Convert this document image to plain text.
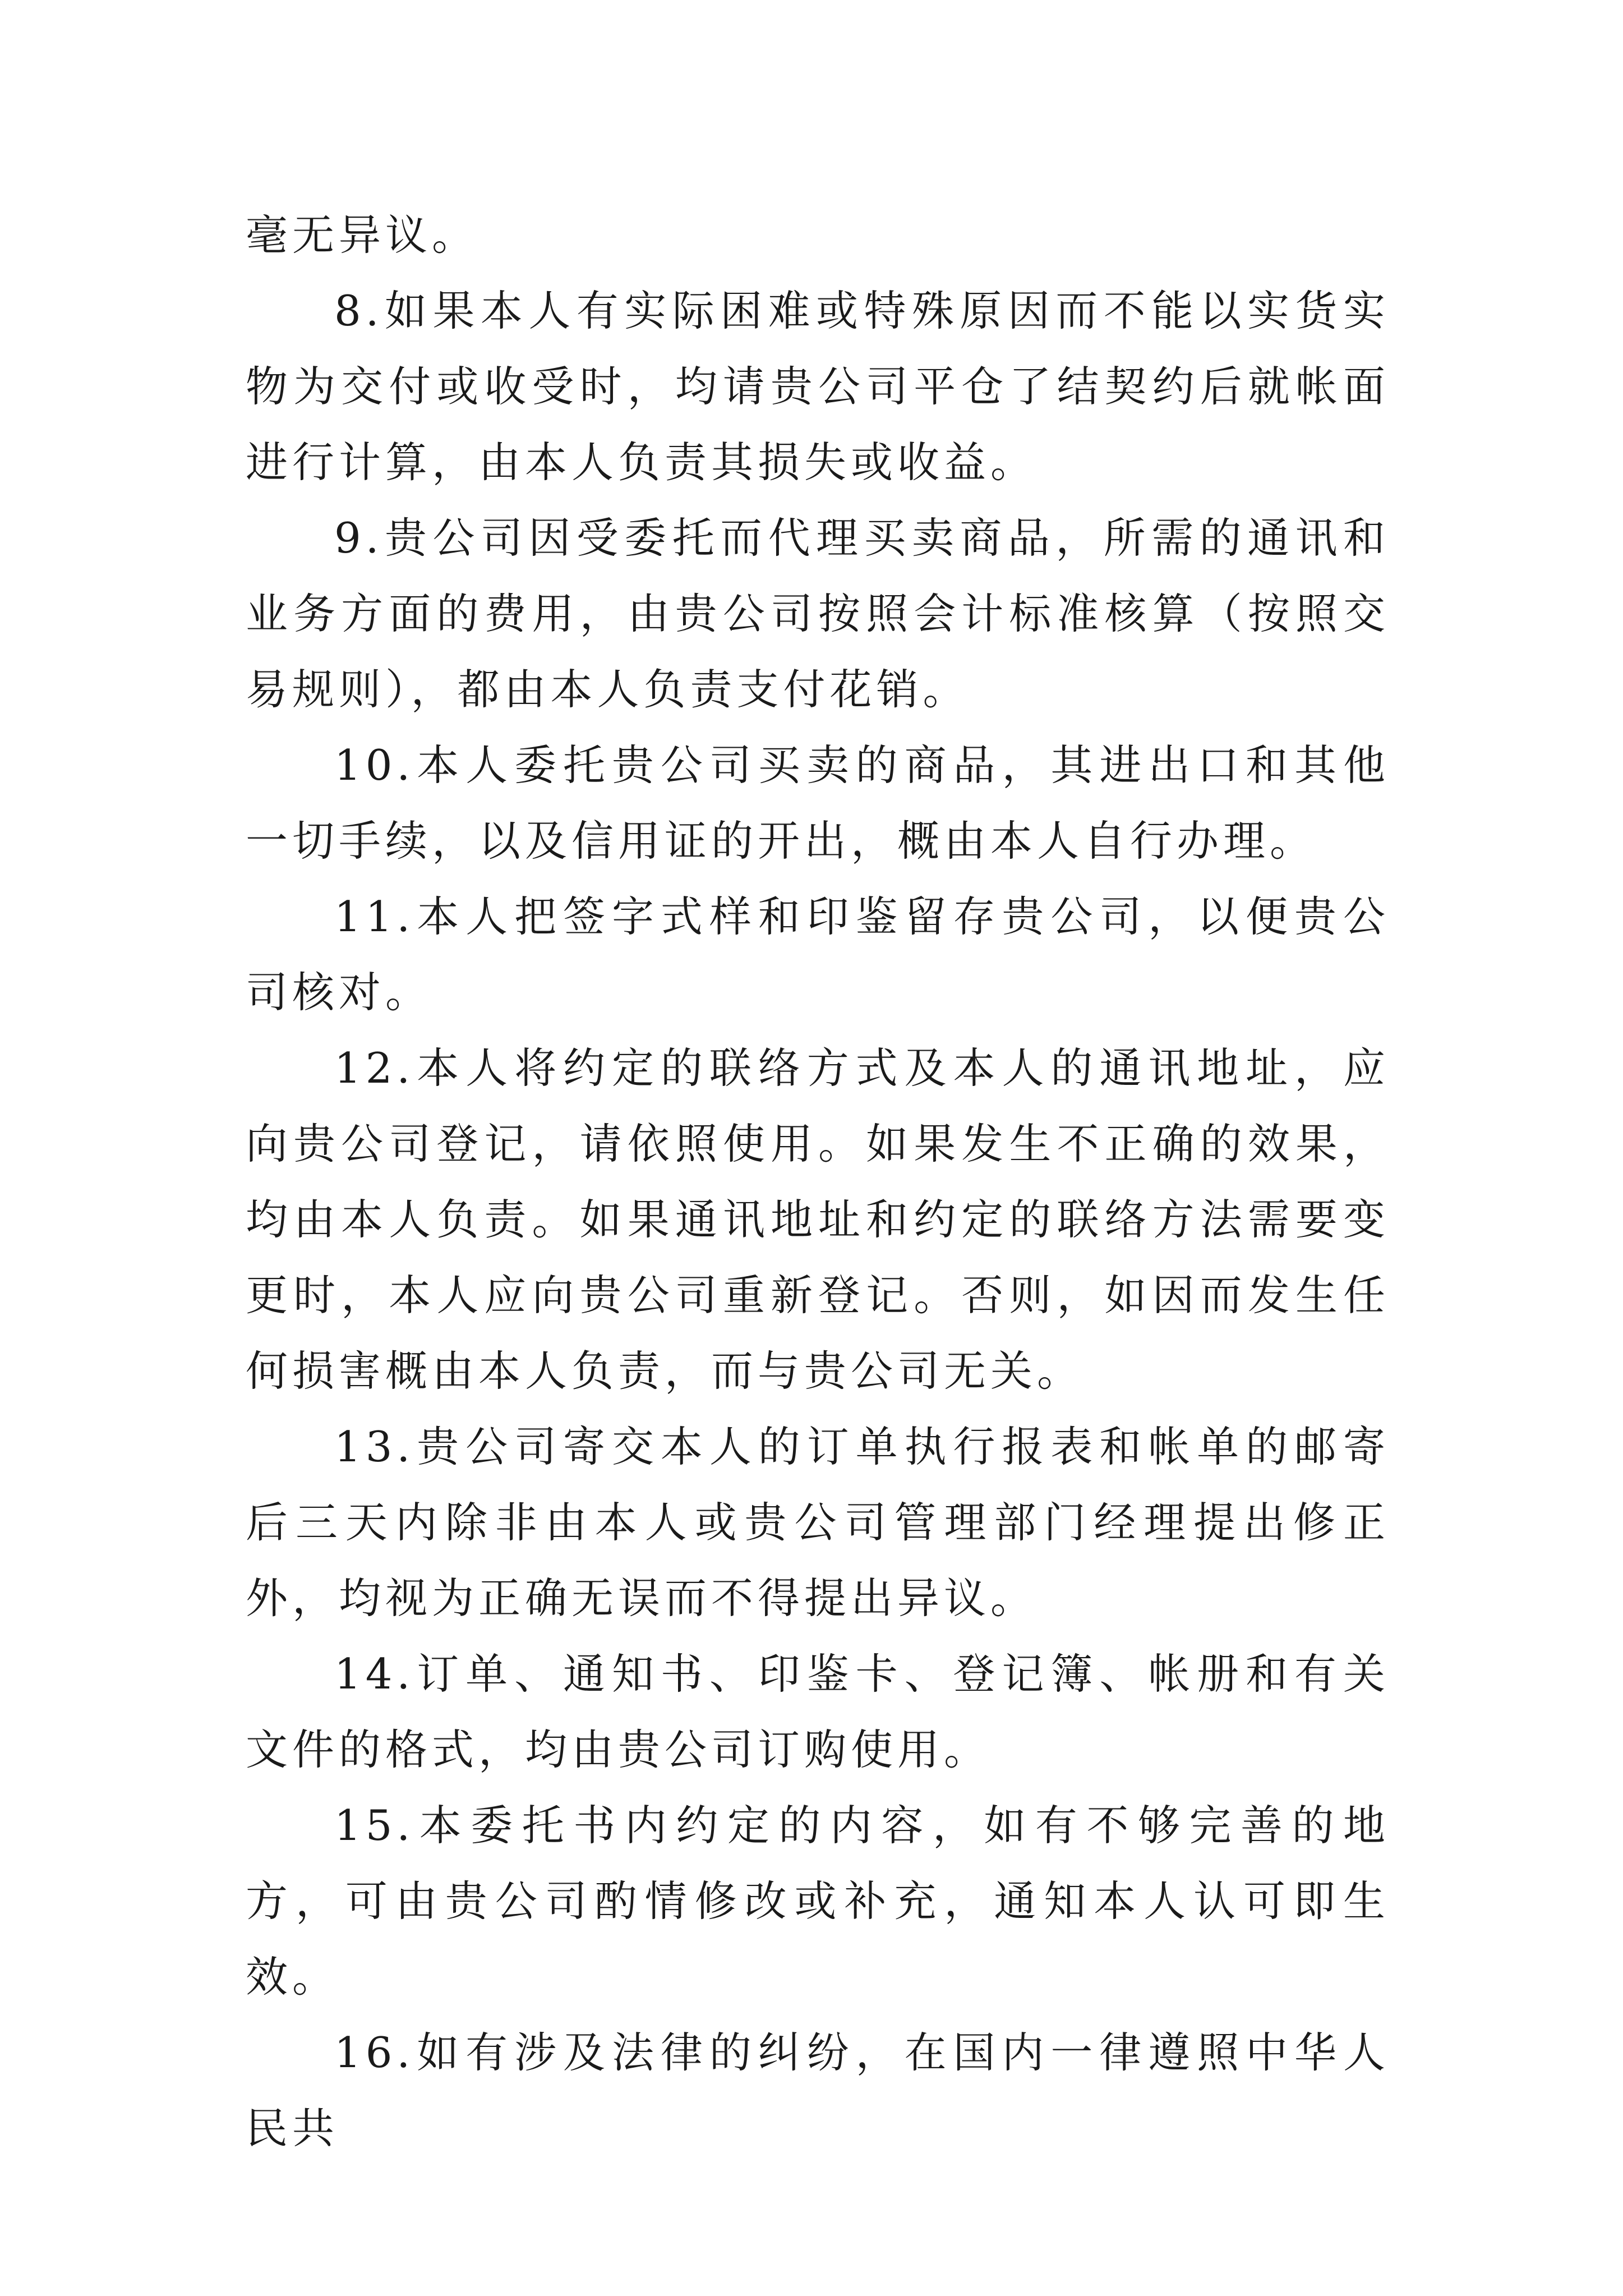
毫无异议。

8.如果本人有实际困难或特殊原因而不能以实货实物为交付或收受时，均请贵公司平仓了结契约后就帐面进行计算，由本人负责其损失或收益。

9.贵公司因受委托而代理买卖商品，所需的通讯和业务方面的费用，由贵公司按照会计标准核算（按照交易规则），都由本人负责支付花销。

10.本人委托贵公司买卖的商品，其进出口和其他一切手续，以及信用证的开出，概由本人自行办理。

11.本人把签字式样和印鉴留存贵公司，以便贵公司核对。

12.本人将约定的联络方式及本人的通讯地址，应向贵公司登记，请依照使用。如果发生不正确的效果，均由本人负责。如果通讯地址和约定的联络方法需要变更时，本人应向贵公司重新登记。否则，如因而发生任何损害概由本人负责，而与贵公司无关。

13.贵公司寄交本人的订单执行报表和帐单的邮寄后三天内除非由本人或贵公司管理部门经理提出修正外，均视为正确无误而不得提出异议。

14.订单、通知书、印鉴卡、登记簿、帐册和有关文件的格式，均由贵公司订购使用。

15.本委托书内约定的内容，如有不够完善的地方，可由贵公司酌情修改或补充，通知本人认可即生效。

16.如有涉及法律的纠纷，在国内一律遵照中华人民共
